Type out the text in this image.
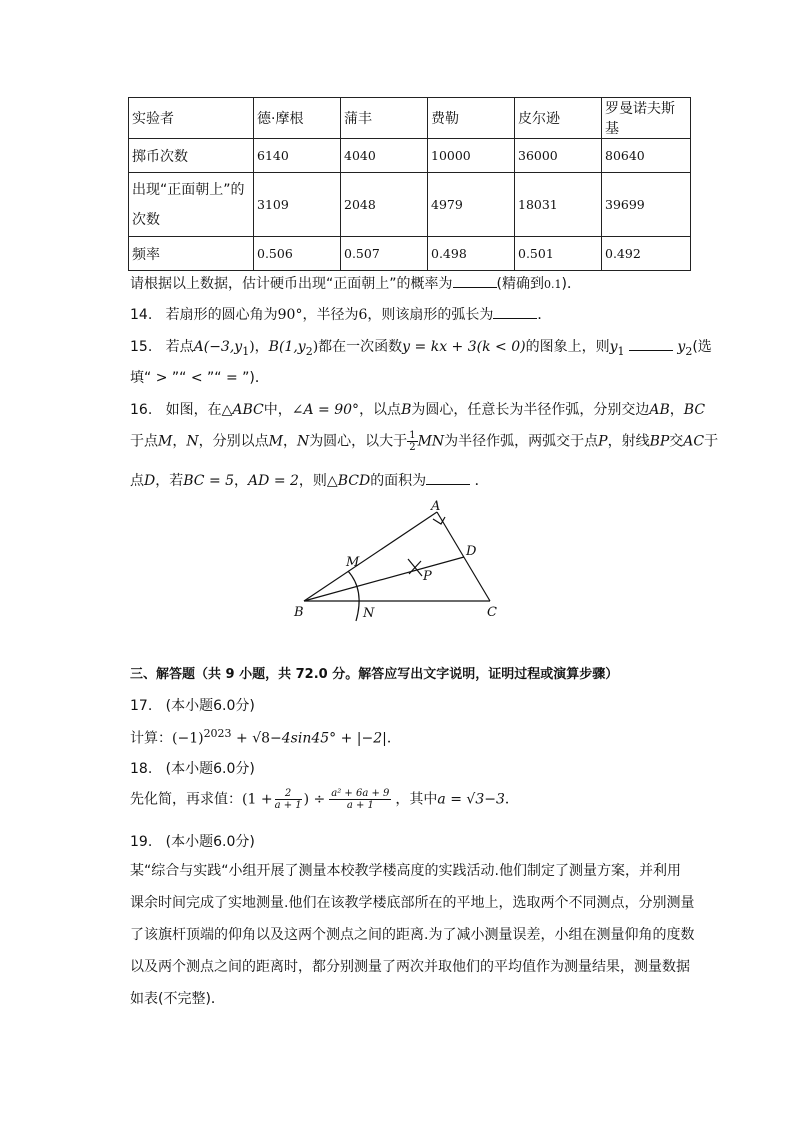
实验者	德·摩根	蒲丰	费勒	皮尔逊	罗曼诺夫斯基
掷币次数	6140	4040	10000	36000	80640
出现“正面朝上”的
次数	3109	2048	4979	18031	39699
频率	0.506	0.507	0.498	0.501	0.492
请根据以上数据，估计硬币出现“正面朝上”的概率为	(精确到0.1)．
14. 若扇形的圆心角为90°，半径为6，则该扇形的弧长为	．
15. 若点$A(-3,y_1)$，$B(1,y_2)$都在一次函数y = kx + 3(k < 0)的图象上，则$y_1$	$y_2$(选
填“ > ”“ < ”“ = ”)．
16. 如图，在△ABC中，∠A = 90°，以点B为圆心，任意长为半径作弧，分别交边AB，BC
于点M，N，分别以点M，N为圆心，以大于 $\frac{1}{2}$ MN为半径作弧，两弧交于点P，射线BP交AC于
点D，若BC = 5，AD = 2，则△BCD的面积为	．
A
B	C
D
M
N
P
三、解答题（共 9 小题，共 72.0 分。解答应写出文字说明，证明过程或演算步骤）
17. (本小题6.0分)
计算：$(-1)^{2023} + √8-4\sin 45^\circ + |-2|$．
18. (本小题6.0分)
先化简，再求值：($1 + \frac{2}{a + 1}$ ) ÷ $\frac{\text{a² + 6a + 9}}{a + 1}$ ，其中a = √3−3．
19. (本小题6.0分)
某“综合与实践“小组开展了测量本校教学楼高度的实践活动.他们制定了测量方案，并利用
课余时间完成了实地测量.他们在该教学楼底部所在的平地上，选取两个不同测点，分别测量
了该旗杆顶端的仰角以及这两个测点之间的距离.为了减小测量误差，小组在测量仰角的度数
以及两个测点之间的距离时，都分别测量了两次并取他们的平均值作为测量结果，测量数据
如表(不完整)．
